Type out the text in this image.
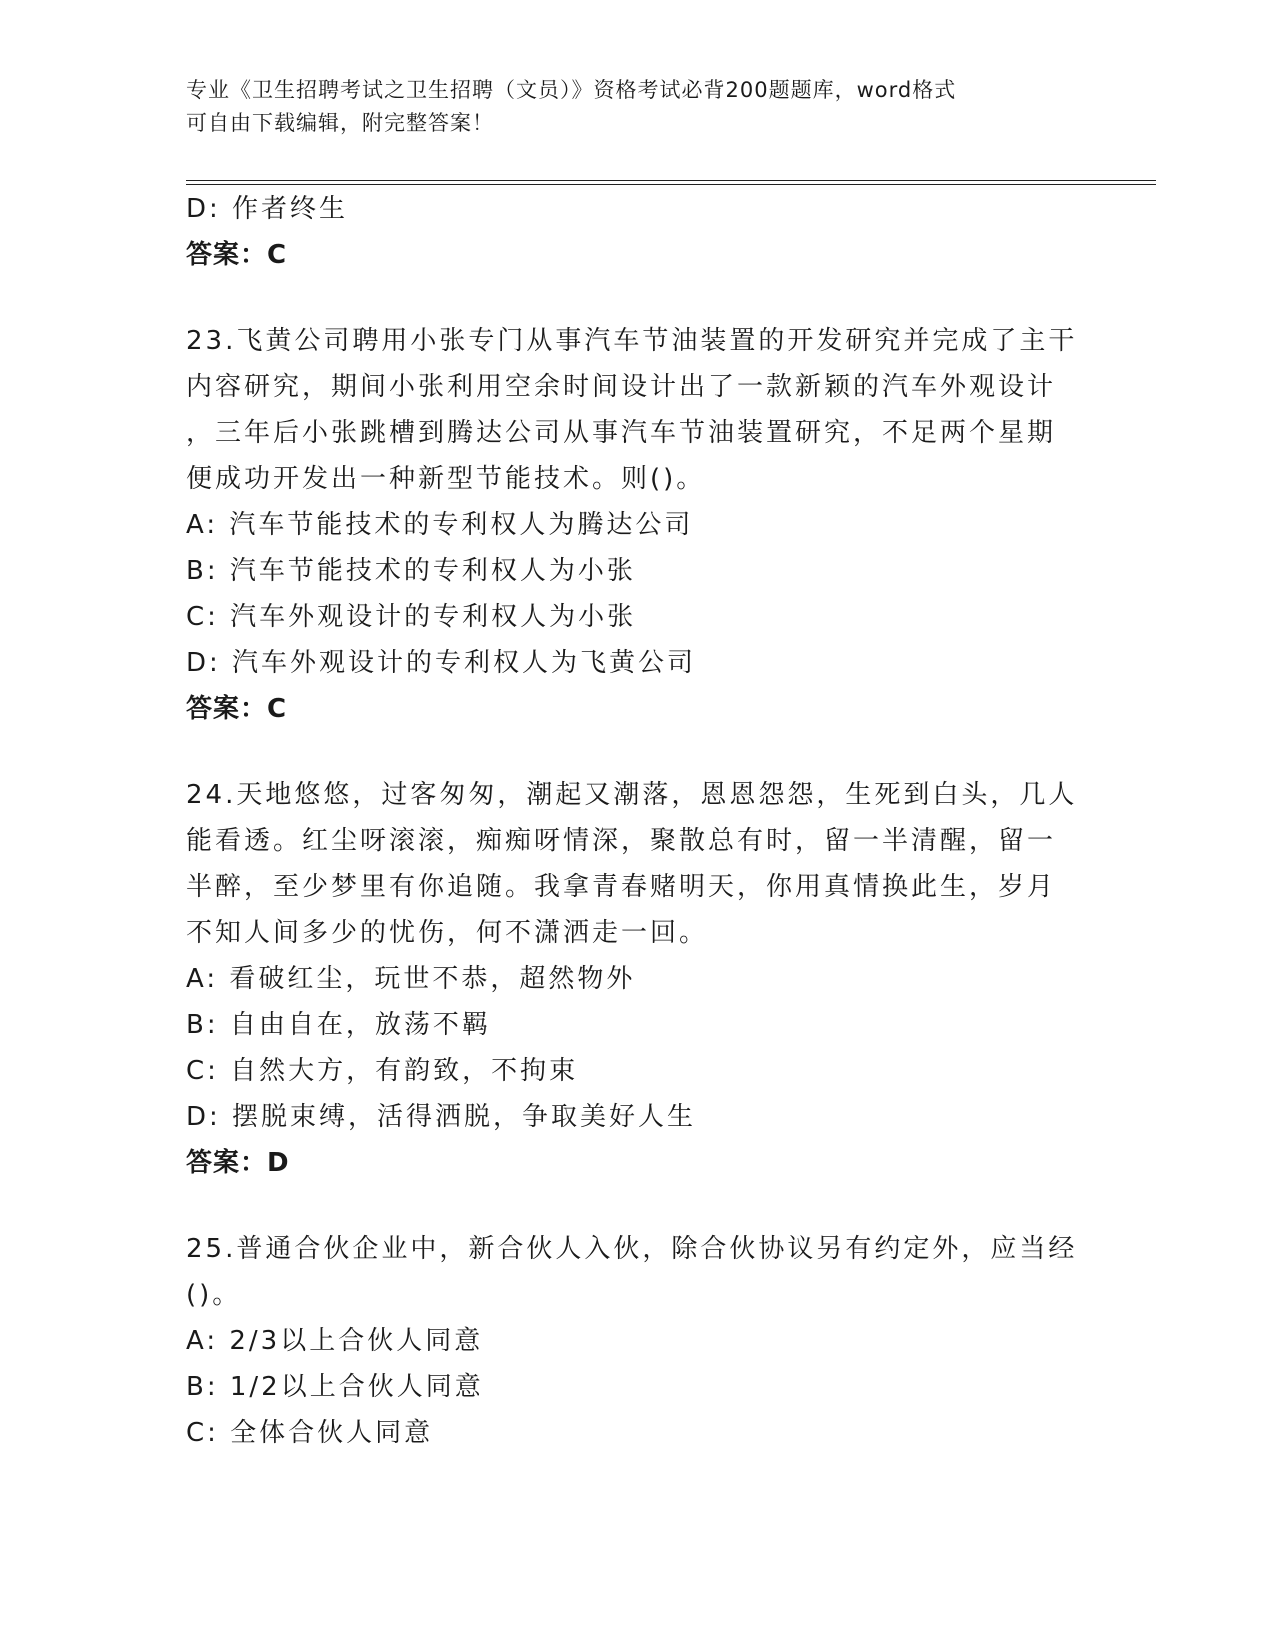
专业《卫生招聘考试之卫生招聘（文员）》资格考试必背200题题库，word格式
可自由下载编辑，附完整答案！
D: 作者终生
答案：C
23.飞黄公司聘用小张专门从事汽车节油装置的开发研究并完成了主干
内容研究，期间小张利用空余时间设计出了一款新颖的汽车外观设计
，三年后小张跳槽到腾达公司从事汽车节油装置研究，不足两个星期
便成功开发出一种新型节能技术。则()。
A: 汽车节能技术的专利权人为腾达公司
B: 汽车节能技术的专利权人为小张
C: 汽车外观设计的专利权人为小张
D: 汽车外观设计的专利权人为飞黄公司
答案：C
24.天地悠悠，过客匆匆，潮起又潮落，恩恩怨怨，生死到白头，几人
能看透。红尘呀滚滚，痴痴呀情深，聚散总有时，留一半清醒，留一
半醉，至少梦里有你追随。我拿青春赌明天，你用真情换此生，岁月
不知人间多少的忧伤，何不潇洒走一回。
A: 看破红尘，玩世不恭，超然物外
B: 自由自在，放荡不羁
C: 自然大方，有韵致，不拘束
D: 摆脱束缚，活得洒脱，争取美好人生
答案：D
25.普通合伙企业中，新合伙人入伙，除合伙协议另有约定外，应当经
()。
A: 2/3以上合伙人同意
B: 1/2以上合伙人同意
C: 全体合伙人同意
